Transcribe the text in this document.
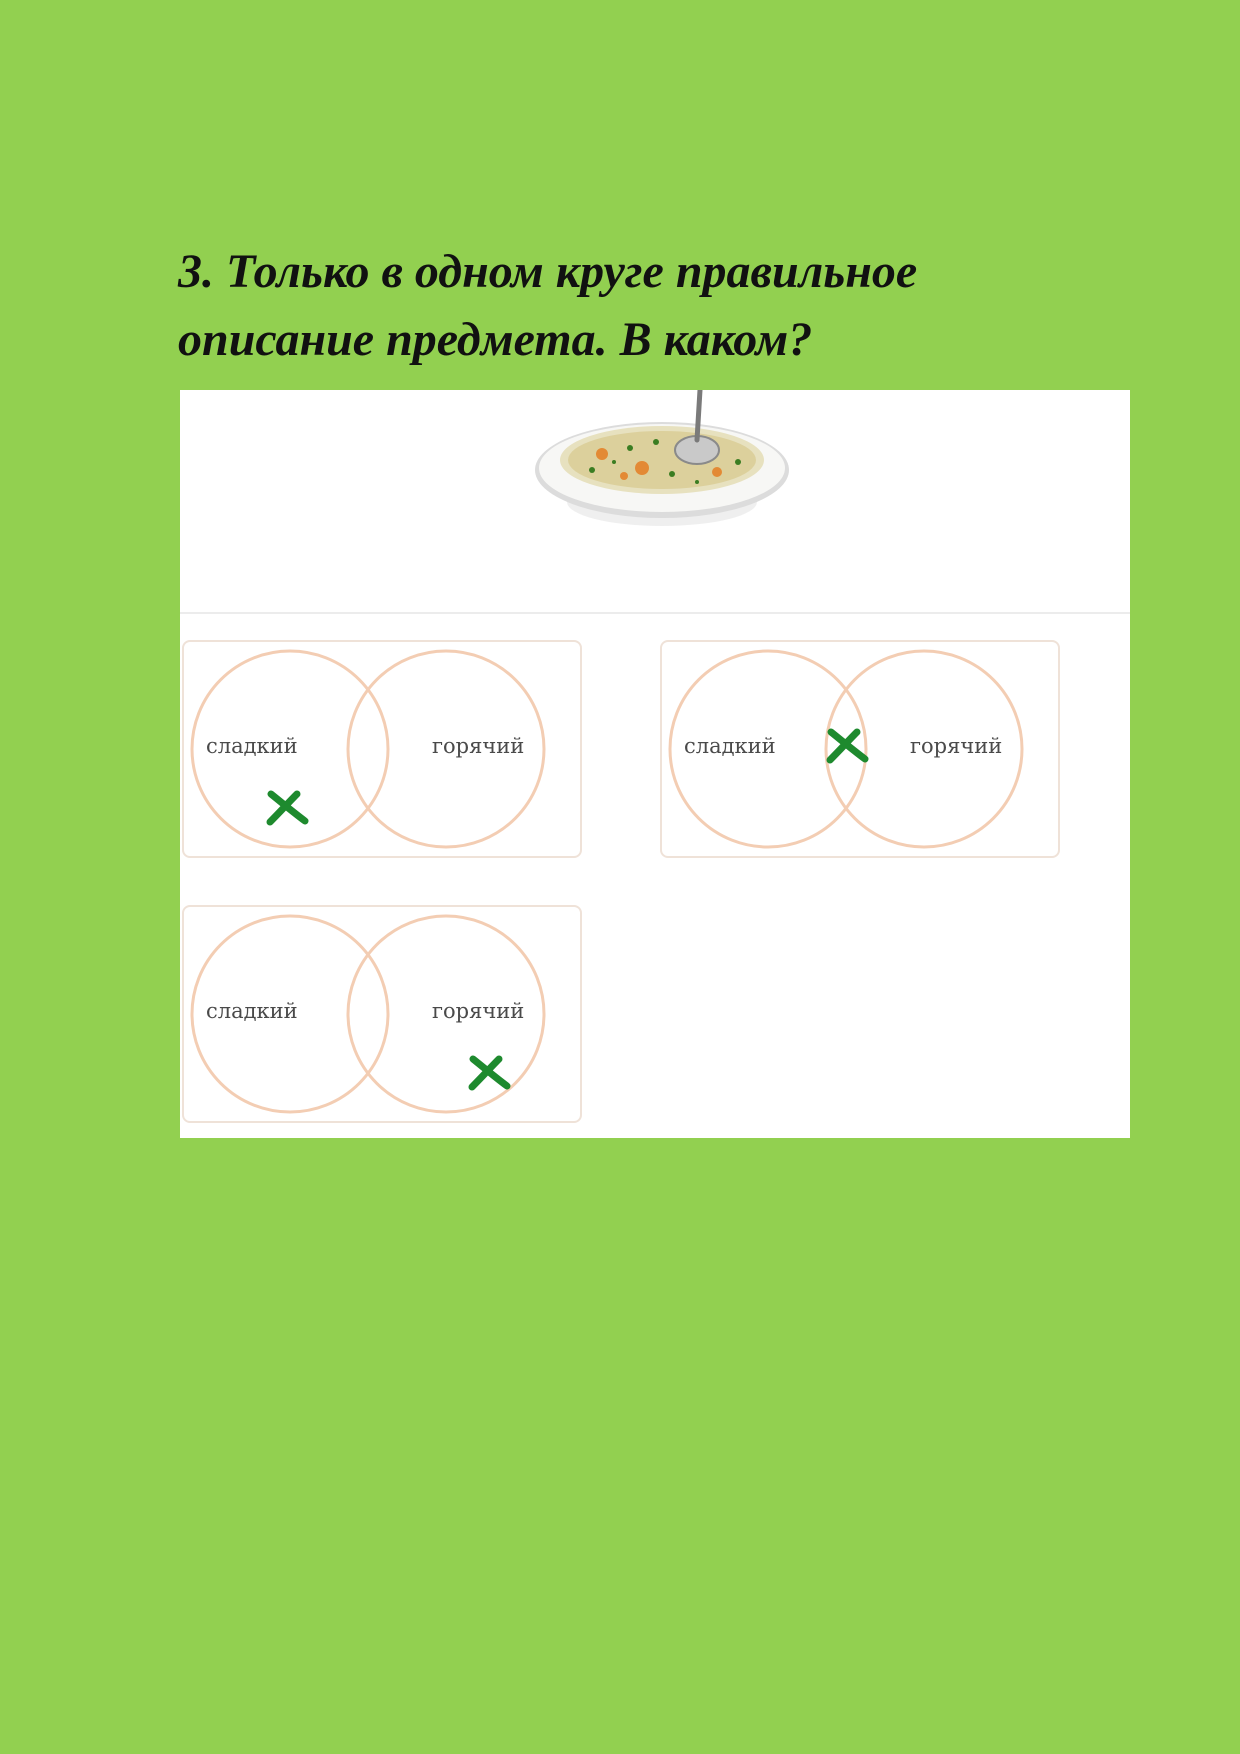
3. Только в одном круге правильное
описание предмета. В каком?
сладкий	горячий	сладкий	горячий
сладкий	горячий
